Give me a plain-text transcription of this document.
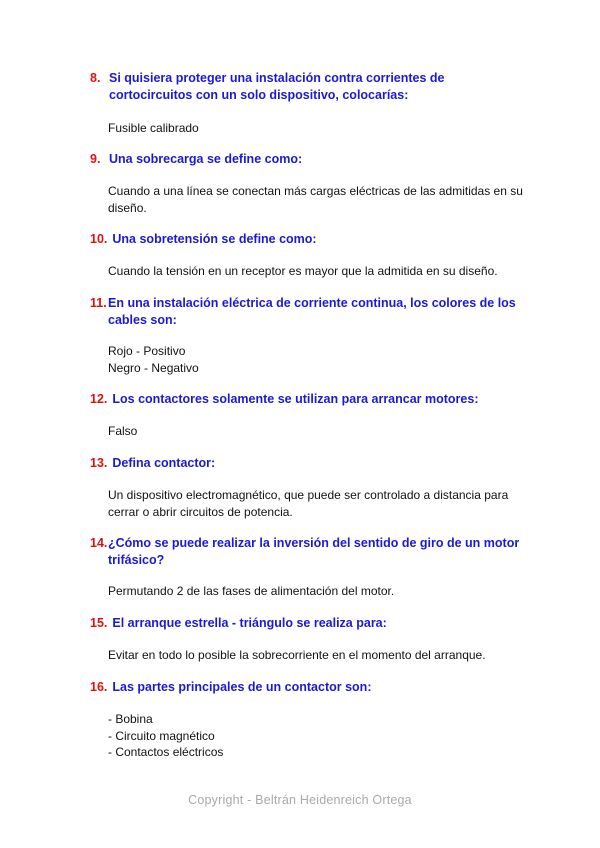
8. Si quisiera proteger una instalación contra corrientes de cortocircuitos con un solo dispositivo, colocarías:
Fusible calibrado
9. Una sobrecarga se define como:
Cuando a una línea se conectan más cargas eléctricas de las admitidas en su diseño.
10. Una sobretensión se define como:
Cuando la tensión en un receptor es mayor que la admitida en su diseño.
11. En una instalación eléctrica de corriente continua, los colores de los cables son:
Rojo - Positivo
Negro - Negativo
12. Los contactores solamente se utilizan para arrancar motores:
Falso
13. Defina contactor:
Un dispositivo electromagnético, que puede ser controlado a distancia para cerrar o abrir circuitos de potencia.
14. ¿Cómo se puede realizar la inversión del sentido de giro de un motor trifásico?
Permutando 2 de las fases de alimentación del motor.
15. El arranque estrella - triángulo se realiza para:
Evitar en todo lo posible la sobrecorriente en el momento del arranque.
16. Las partes principales de un contactor son:
- Bobina
- Circuito magnético
- Contactos eléctricos
Copyright - Beltrán Heidenreich Ortega
